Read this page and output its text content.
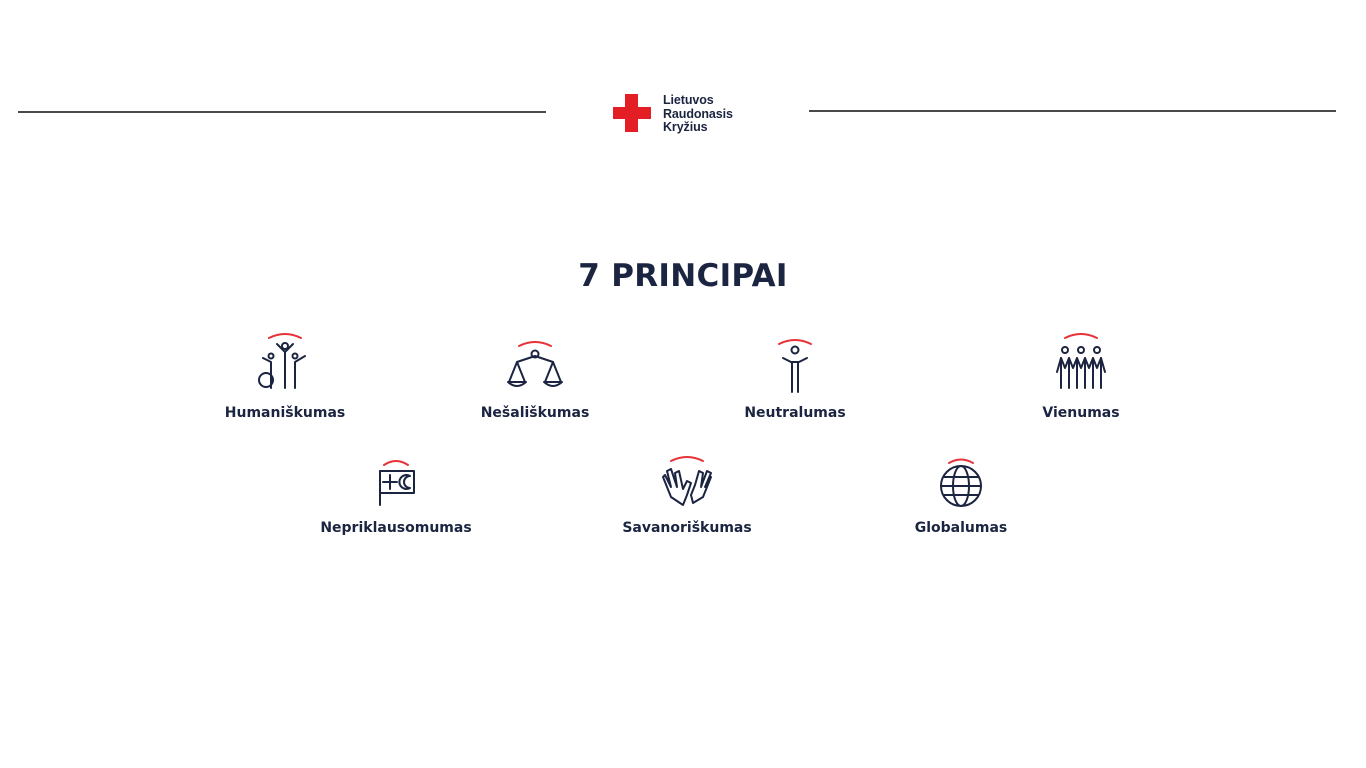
Lietuvos
Raudonasis
Kryžius
7 PRINCIPAI
Humaniškumas	Nešališkumas	Neutralumas	Vienumas
Nepriklausomumas	Savanoriškumas	Globalumas
